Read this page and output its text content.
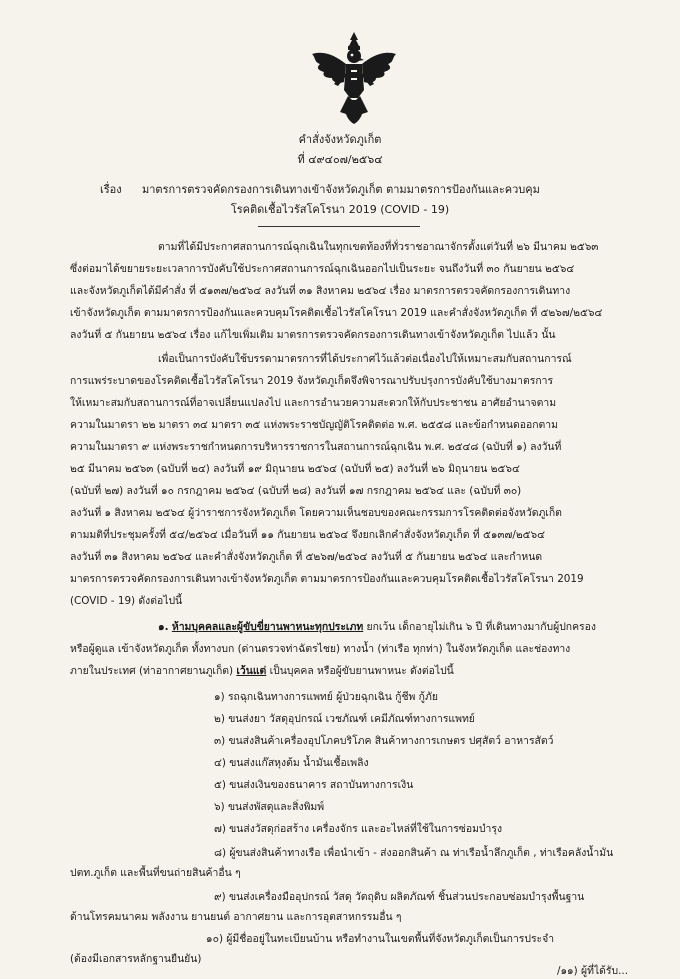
คำสั่งจังหวัดภูเก็ต
ที่ ๔๙๔๐๗/๒๕๖๔
เรื่อง มาตรการตรวจคัดกรองการเดินทางเข้าจังหวัดภูเก็ต ตามมาตรการป้องกันและควบคุม
โรคติดเชื้อไวรัสโคโรนา 2019 (COVID - 19)
ตามที่ได้มีประกาศสถานการณ์ฉุกเฉินในทุกเขตท้องที่ทั่วราชอาณาจักรตั้งแต่วันที่ ๒๖ มีนาคม ๒๕๖๓
ซึ่งต่อมาได้ขยายระยะเวลาการบังคับใช้ประกาศสถานการณ์ฉุกเฉินออกไปเป็นระยะ จนถึงวันที่ ๓๐ กันยายน ๒๕๖๔
และจังหวัดภูเก็ตได้มีคำสั่ง ที่ ๕๑๓๗/๒๕๖๔ ลงวันที่ ๓๑ สิงหาคม ๒๕๖๔ เรื่อง มาตรการตรวจคัดกรองการเดินทาง
เข้าจังหวัดภูเก็ต ตามมาตรการป้องกันและควบคุมโรคติดเชื้อไวรัสโคโรนา 2019 และคำสั่งจังหวัดภูเก็ต ที่ ๕๒๖๗/๒๕๖๔
ลงวันที่ ๕ กันยายน ๒๕๖๔ เรื่อง แก้ไขเพิ่มเติม มาตรการตรวจคัดกรองการเดินทางเข้าจังหวัดภูเก็ต ไปแล้ว นั้น
เพื่อเป็นการบังคับใช้บรรดามาตรการที่ได้ประกาศไว้แล้วต่อเนื่องไปให้เหมาะสมกับสถานการณ์
การแพร่ระบาดของโรคติดเชื้อไวรัสโคโรนา 2019 จังหวัดภูเก็ตจึงพิจารณาปรับปรุงการบังคับใช้บางมาตรการ
ให้เหมาะสมกับสถานการณ์ที่อาจเปลี่ยนแปลงไป และการอำนวยความสะดวกให้กับประชาชน อาศัยอำนาจตาม
ความในมาตรา ๒๒ มาตรา ๓๔ มาตรา ๓๕ แห่งพระราชบัญญัติโรคติดต่อ พ.ศ. ๒๕๕๘ และข้อกำหนดออกตาม
ความในมาตรา ๙ แห่งพระราชกำหนดการบริหารราชการในสถานการณ์ฉุกเฉิน พ.ศ. ๒๕๔๘ (ฉบับที่ ๑) ลงวันที่
๒๕ มีนาคม ๒๕๖๓ (ฉบับที่ ๒๔) ลงวันที่ ๑๙ มิถุนายน ๒๕๖๔ (ฉบับที่ ๒๕) ลงวันที่ ๒๖ มิถุนายน ๒๕๖๔
(ฉบับที่ ๒๗) ลงวันที่ ๑๐ กรกฎาคม ๒๕๖๔ (ฉบับที่ ๒๘) ลงวันที่ ๑๗ กรกฎาคม ๒๕๖๔ และ (ฉบับที่ ๓๐)
ลงวันที่ ๑ สิงหาคม ๒๕๖๔ ผู้ว่าราชการจังหวัดภูเก็ต โดยความเห็นชอบของคณะกรรมการโรคติดต่อจังหวัดภูเก็ต
ตามมติที่ประชุมครั้งที่ ๕๔/๒๕๖๔ เมื่อวันที่ ๑๑ กันยายน ๒๕๖๔ จึงยกเลิกคำสั่งจังหวัดภูเก็ต ที่ ๕๑๓๗/๒๕๖๔
ลงวันที่ ๓๑ สิงหาคม ๒๕๖๔ และคำสั่งจังหวัดภูเก็ต ที่ ๕๒๖๗/๒๕๖๔ ลงวันที่ ๕ กันยายน ๒๕๖๔ และกำหนด
มาตรการตรวจคัดกรองการเดินทางเข้าจังหวัดภูเก็ต ตามมาตรการป้องกันและควบคุมโรคติดเชื้อไวรัสโคโรนา 2019
(COVID - 19) ดังต่อไปนี้
๑. ห้ามบุคคลและผู้ขับขี่ยานพาหนะทุกประเภท ยกเว้น เด็กอายุไม่เกิน ๖ ปี ที่เดินทางมากับผู้ปกครอง
หรือผู้ดูแล เข้าจังหวัดภูเก็ต ทั้งทางบก (ด่านตรวจท่าฉัตรไชย) ทางน้ำ (ท่าเรือ ทุกท่า) ในจังหวัดภูเก็ต และช่องทาง
ภายในประเทศ (ท่าอากาศยานภูเก็ต) เว้นแต่ เป็นบุคคล หรือผู้ขับยานพาหนะ ดังต่อไปนี้
๑) รถฉุกเฉินทางการแพทย์ ผู้ป่วยฉุกเฉิน กู้ชีพ กู้ภัย
๒) ขนส่งยา วัสดุอุปกรณ์ เวชภัณฑ์ เคมีภัณฑ์ทางการแพทย์
๓) ขนส่งสินค้าเครื่องอุปโภคบริโภค สินค้าทางการเกษตร ปศุสัตว์ อาหารสัตว์
๔) ขนส่งแก๊สหุงต้ม น้ำมันเชื้อเพลิง
๕) ขนส่งเงินของธนาคาร สถาบันทางการเงิน
๖) ขนส่งพัสดุและสิ่งพิมพ์
๗) ขนส่งวัสดุก่อสร้าง เครื่องจักร และอะไหล่ที่ใช้ในการซ่อมบำรุง
๘) ผู้ขนส่งสินค้าทางเรือ เพื่อนำเข้า - ส่งออกสินค้า ณ ท่าเรือน้ำลึกภูเก็ต , ท่าเรือคลังน้ำมัน
ปตท.ภูเก็ต และพื้นที่ขนถ่ายสินค้าอื่น ๆ
๙) ขนส่งเครื่องมืออุปกรณ์ วัสดุ วัตถุดิบ ผลิตภัณฑ์ ชิ้นส่วนประกอบซ่อมบำรุงพื้นฐาน
ด้านโทรคมนาคม พลังงาน ยานยนต์ อากาศยาน และการอุตสาหกรรมอื่น ๆ
๑๐) ผู้มีชื่ออยู่ในทะเบียนบ้าน หรือทำงานในเขตพื้นที่จังหวัดภูเก็ตเป็นการประจำ
(ต้องมีเอกสารหลักฐานยืนยัน)
/๑๑) ผู้ที่ได้รับ...
